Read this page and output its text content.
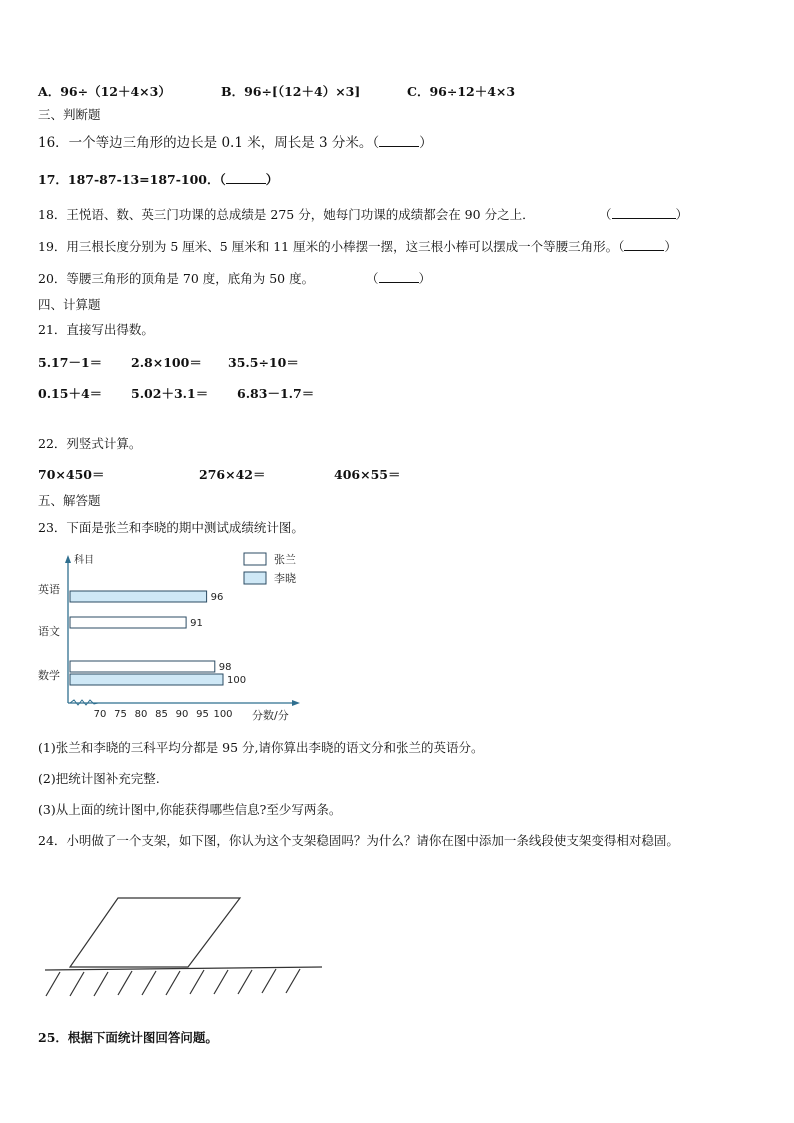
A．96÷（12＋4×3）	B．96÷[（12＋4）×3]	C．96÷12＋4×3
三、判断题
16．一个等边三角形的边长是 0.1 米，周长是 3 分米。（	）
17．187-87-13=187-100．（	）
18．王悦语、数、英三门功课的总成绩是 275 分，她每门功课的成绩都会在 90 分之上．	（	）
19．用三根长度分别为 5 厘米、5 厘米和 11 厘米的小棒摆一摆，这三根小棒可以摆成一个等腰三角形。（	）
20．等腰三角形的顶角是 70 度，底角为 50 度。	（	）
四、计算题
21．直接写出得数。
5.17－1＝ 2.8×100＝ 35.5÷10＝
0.15＋4＝ 5.02＋3.1＝ 6.83－1.7＝
22．列竖式计算。
70×450＝	276×42＝	406×55＝
五、解答题
23．下面是张兰和李晓的期中测试成绩统计图。
科目
分数/分
70 75 80 85 90 95 100
张兰
李晓
英语
语文
数学
91
98
96
100
(1)张兰和李晓的三科平均分都是 95 分,请你算出李晓的语文分和张兰的英语分。
(2)把统计图补充完整.
(3)从上面的统计图中,你能获得哪些信息?至少写两条。
24．小明做了一个支架，如下图，你认为这个支架稳固吗？为什么？请你在图中添加一条线段使支架变得相对稳固。
25．根据下面统计图回答问题。
